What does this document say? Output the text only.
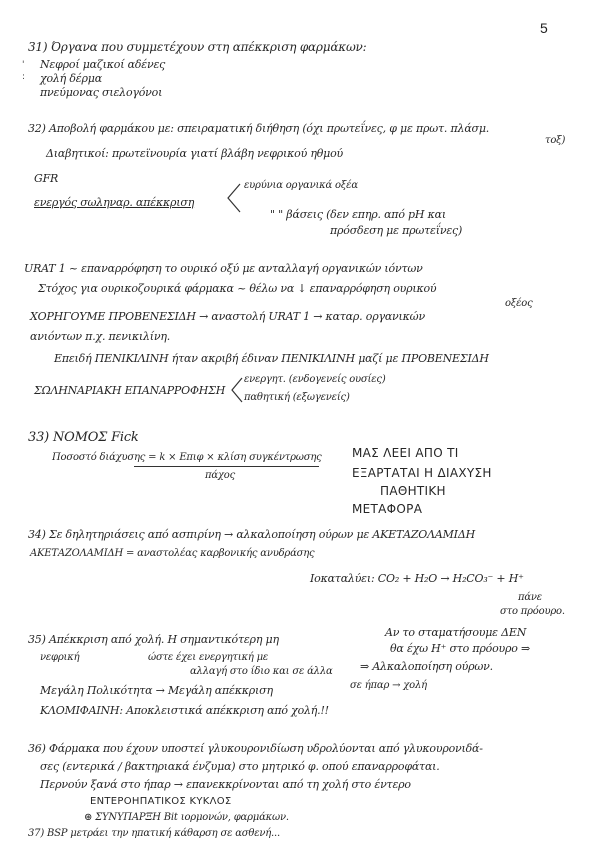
5
31) Όργανα που συμμετέχουν στη απέκκριση φαρμάκων:
'
:
Νεφροί μαζικοί αδένες
χολή δέρμα
πνεύμονας σιελογόνοι
32) Αποβολή φαρμάκου με: σπειραματική διήθηση (όχι πρωτεΐνες, φ με πρωτ. πλάσμ.
τοξ)
Διαβητικοί: πρωτεϊνουρία γιατί βλάβη νεφρικού ηθμού
GFR
ενεργός σωληναρ. απέκκριση
ευρύνια οργανικά οξέα
" " βάσεις (δεν επηρ. από pH και
πρόσδεση με πρωτεΐνες)
URAT 1 ~ επαναρρόφηση το ουρικό οξύ με ανταλλαγή οργανικών ιόντων
Στόχος για ουρικοζουρικά φάρμακα ~ θέλω να ↓ επαναρρόφηση ουρικού
οξέος
ΧΟΡΗΓΟΥΜΕ ΠΡΟΒΕΝΕΣΙΔΗ → αναστολή URAT 1 → καταρ. οργανικών
ανιόντων π.χ. πενικιλίνη.
Επειδή ΠΕΝΙΚΙΛΙΝΗ ήταν ακριβή έδιναν ΠΕΝΙΚΙΛΙΝΗ μαζί με ΠΡΟΒΕΝΕΣΙΔΗ
ΣΩΛΗΝΑΡΙΑΚΗ ΕΠΑΝΑΡΡΟΦΗΣΗ
ενεργητ. (ενδογενείς ουσίες)
παθητική (εξωγενείς)
33) ΝΟΜΟΣ Fick
Ποσοστό διάχυσης = k × Επιφ × κλίση συγκέντρωσης
πάχος
ΜΑΣ ΛΕΕΙ ΑΠΟ ΤΙ
ΕΞΑΡΤΑΤΑΙ Η ΔΙΑΧΥΣΗ
ΠΑΘΗΤΙΚΗ
ΜΕΤΑΦΟΡΑ
34) Σε δηλητηριάσεις από ασπιρίνη → αλκαλοποίηση ούρων με ΑΚΕΤΑΖΟΛΑΜΙΔΗ
ΑΚΕΤΑΖΟΛΑΜΙΔΗ = αναστολέας καρβονικής ανυδράσης
Ιοκαταλύει: CO₂ + H₂O → H₂CO₃⁻ + H⁺
πάνε
στο πρόουρο.
Αν το σταματήσουμε ΔΕΝ
θα έχω H⁺ στο πρόουρο ⇒
⇒ Αλκαλοποίηση ούρων.
35) Απέκκριση από χολή. Η σημαντικότερη μη
νεφρική	ώστε έχει ενεργητική με
αλλαγή στο ίδιο και σε άλλα
σε ήπαρ → χολή
Μεγάλη Πολικότητα → Μεγάλη απέκκριση
ΚΛΟΜΙΦΑΙΝΗ: Αποκλειστικά απέκκριση από χολή.!!
36) Φάρμακα που έχουν υποστεί γλυκουρονιδίωση υδρολύονται από γλυκουρονιδά-
σες (εντερικά / βακτηριακά ένζυμα) στο μητρικό φ. οπού επαναρροφάται.
Περνούν ξανά στο ήπαρ → επανεκκρίνονται από τη χολή στο έντερο
ΕΝΤΕΡΟΗΠΑΤΙΚΟΣ ΚΥΚΛΟΣ
⊛ ΣΥΝΥΠΑΡΞΗ Bit ιορμονών, φαρμάκων.
37) BSP μετράει την ηπατική κάθαρση σε ασθενή...
